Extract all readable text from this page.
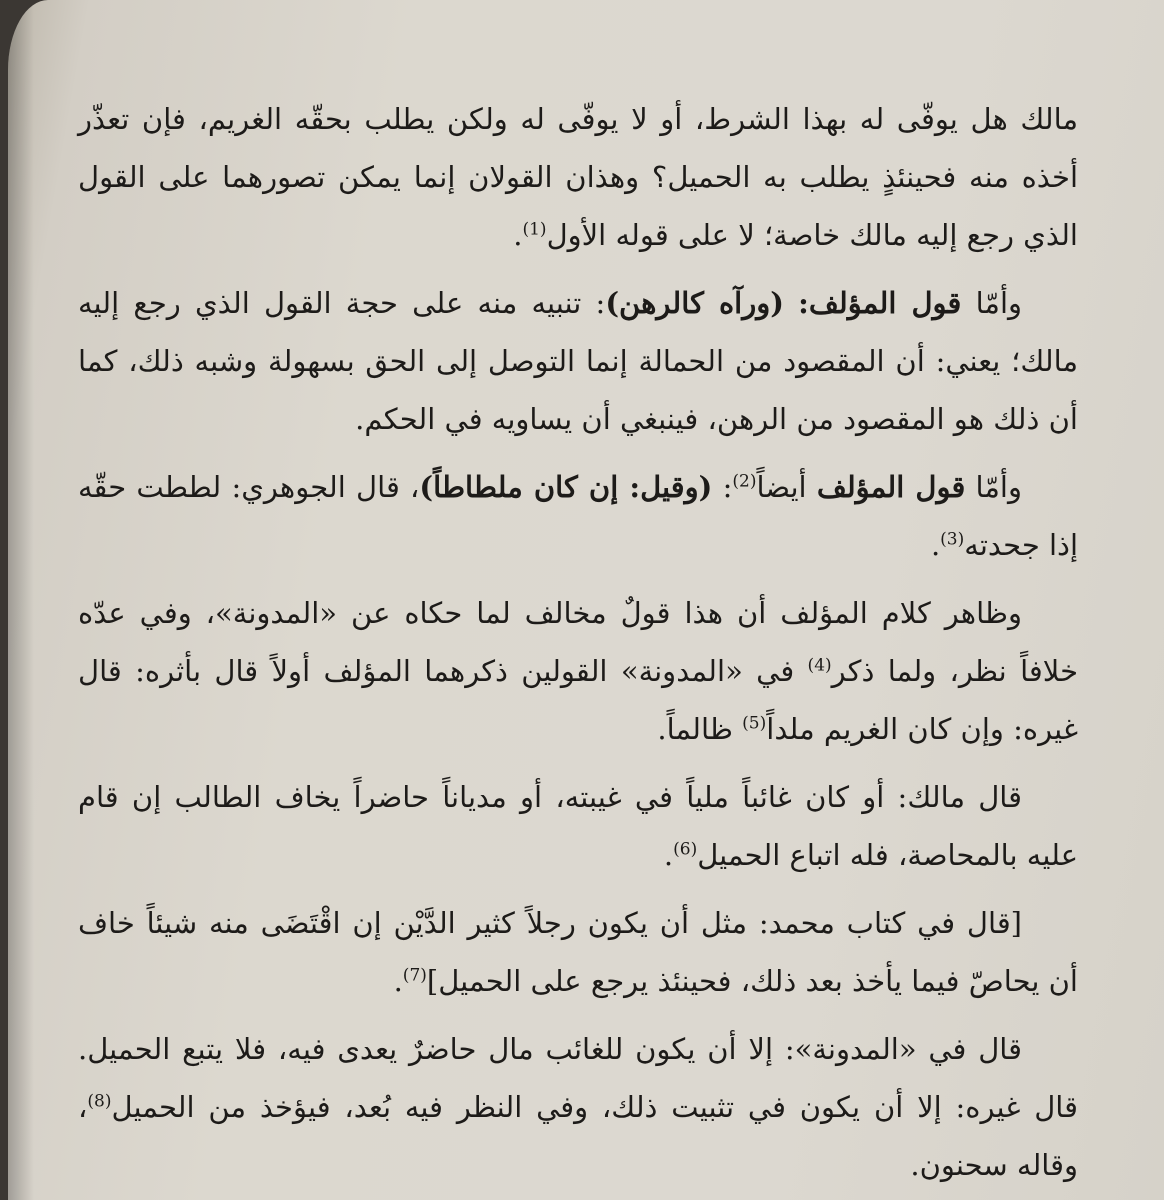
مالك هل يوفّى له بهذا الشرط، أو لا يوفّى له ولكن يطلب بحقّه الغريم، فإن تعذّر أخذه منه فحينئذٍ يطلب به الحميل؟ وهذان القولان إنما يمكن تصورهما على القول الذي رجع إليه مالك خاصة؛ لا على قوله الأول$^{(1)}$.

وأمّا قول المؤلف: (ورآه كالرهن): تنبيه منه على حجة القول الذي رجع إليه مالك؛ يعني: أن المقصود من الحمالة إنما التوصل إلى الحق بسهولة وشبه ذلك، كما أن ذلك هو المقصود من الرهن، فينبغي أن يساويه في الحكم.

وأمّا قول المؤلف أيضاً$^{(2)}$: (وقيل: إن كان ملطاطاً)، قال الجوهري: لططت حقّه إذا جحدته$^{(3)}$.

وظاهر كلام المؤلف أن هذا قولٌ مخالف لما حكاه عن «المدونة»، وفي عدّه خلافاً نظر، ولما ذكر$^{(4)}$ في «المدونة» القولين ذكرهما المؤلف أولاً قال بأثره: قال غيره: وإن كان الغريم ملداً$^{(5)}$ ظالماً.

قال مالك: أو كان غائباً ملياً في غيبته، أو مدياناً حاضراً يخاف الطالب إن قام عليه بالمحاصة، فله اتباع الحميل$^{(6)}$.

[قال في كتاب محمد: مثل أن يكون رجلاً كثير الدَّيْن إن اقْتَضَى منه شيئاً خاف أن يحاصّ فيما يأخذ بعد ذلك، فحينئذ يرجع على الحميل]$^{(7)}$.

قال في «المدونة»: إلا أن يكون للغائب مال حاضرٌ يعدى فيه، فلا يتبع الحميل. قال غيره: إلا أن يكون في تثبيت ذلك، وفي النظر فيه بُعد، فيؤخذ من الحميل$^{(8)}$، وقاله سحنون.
